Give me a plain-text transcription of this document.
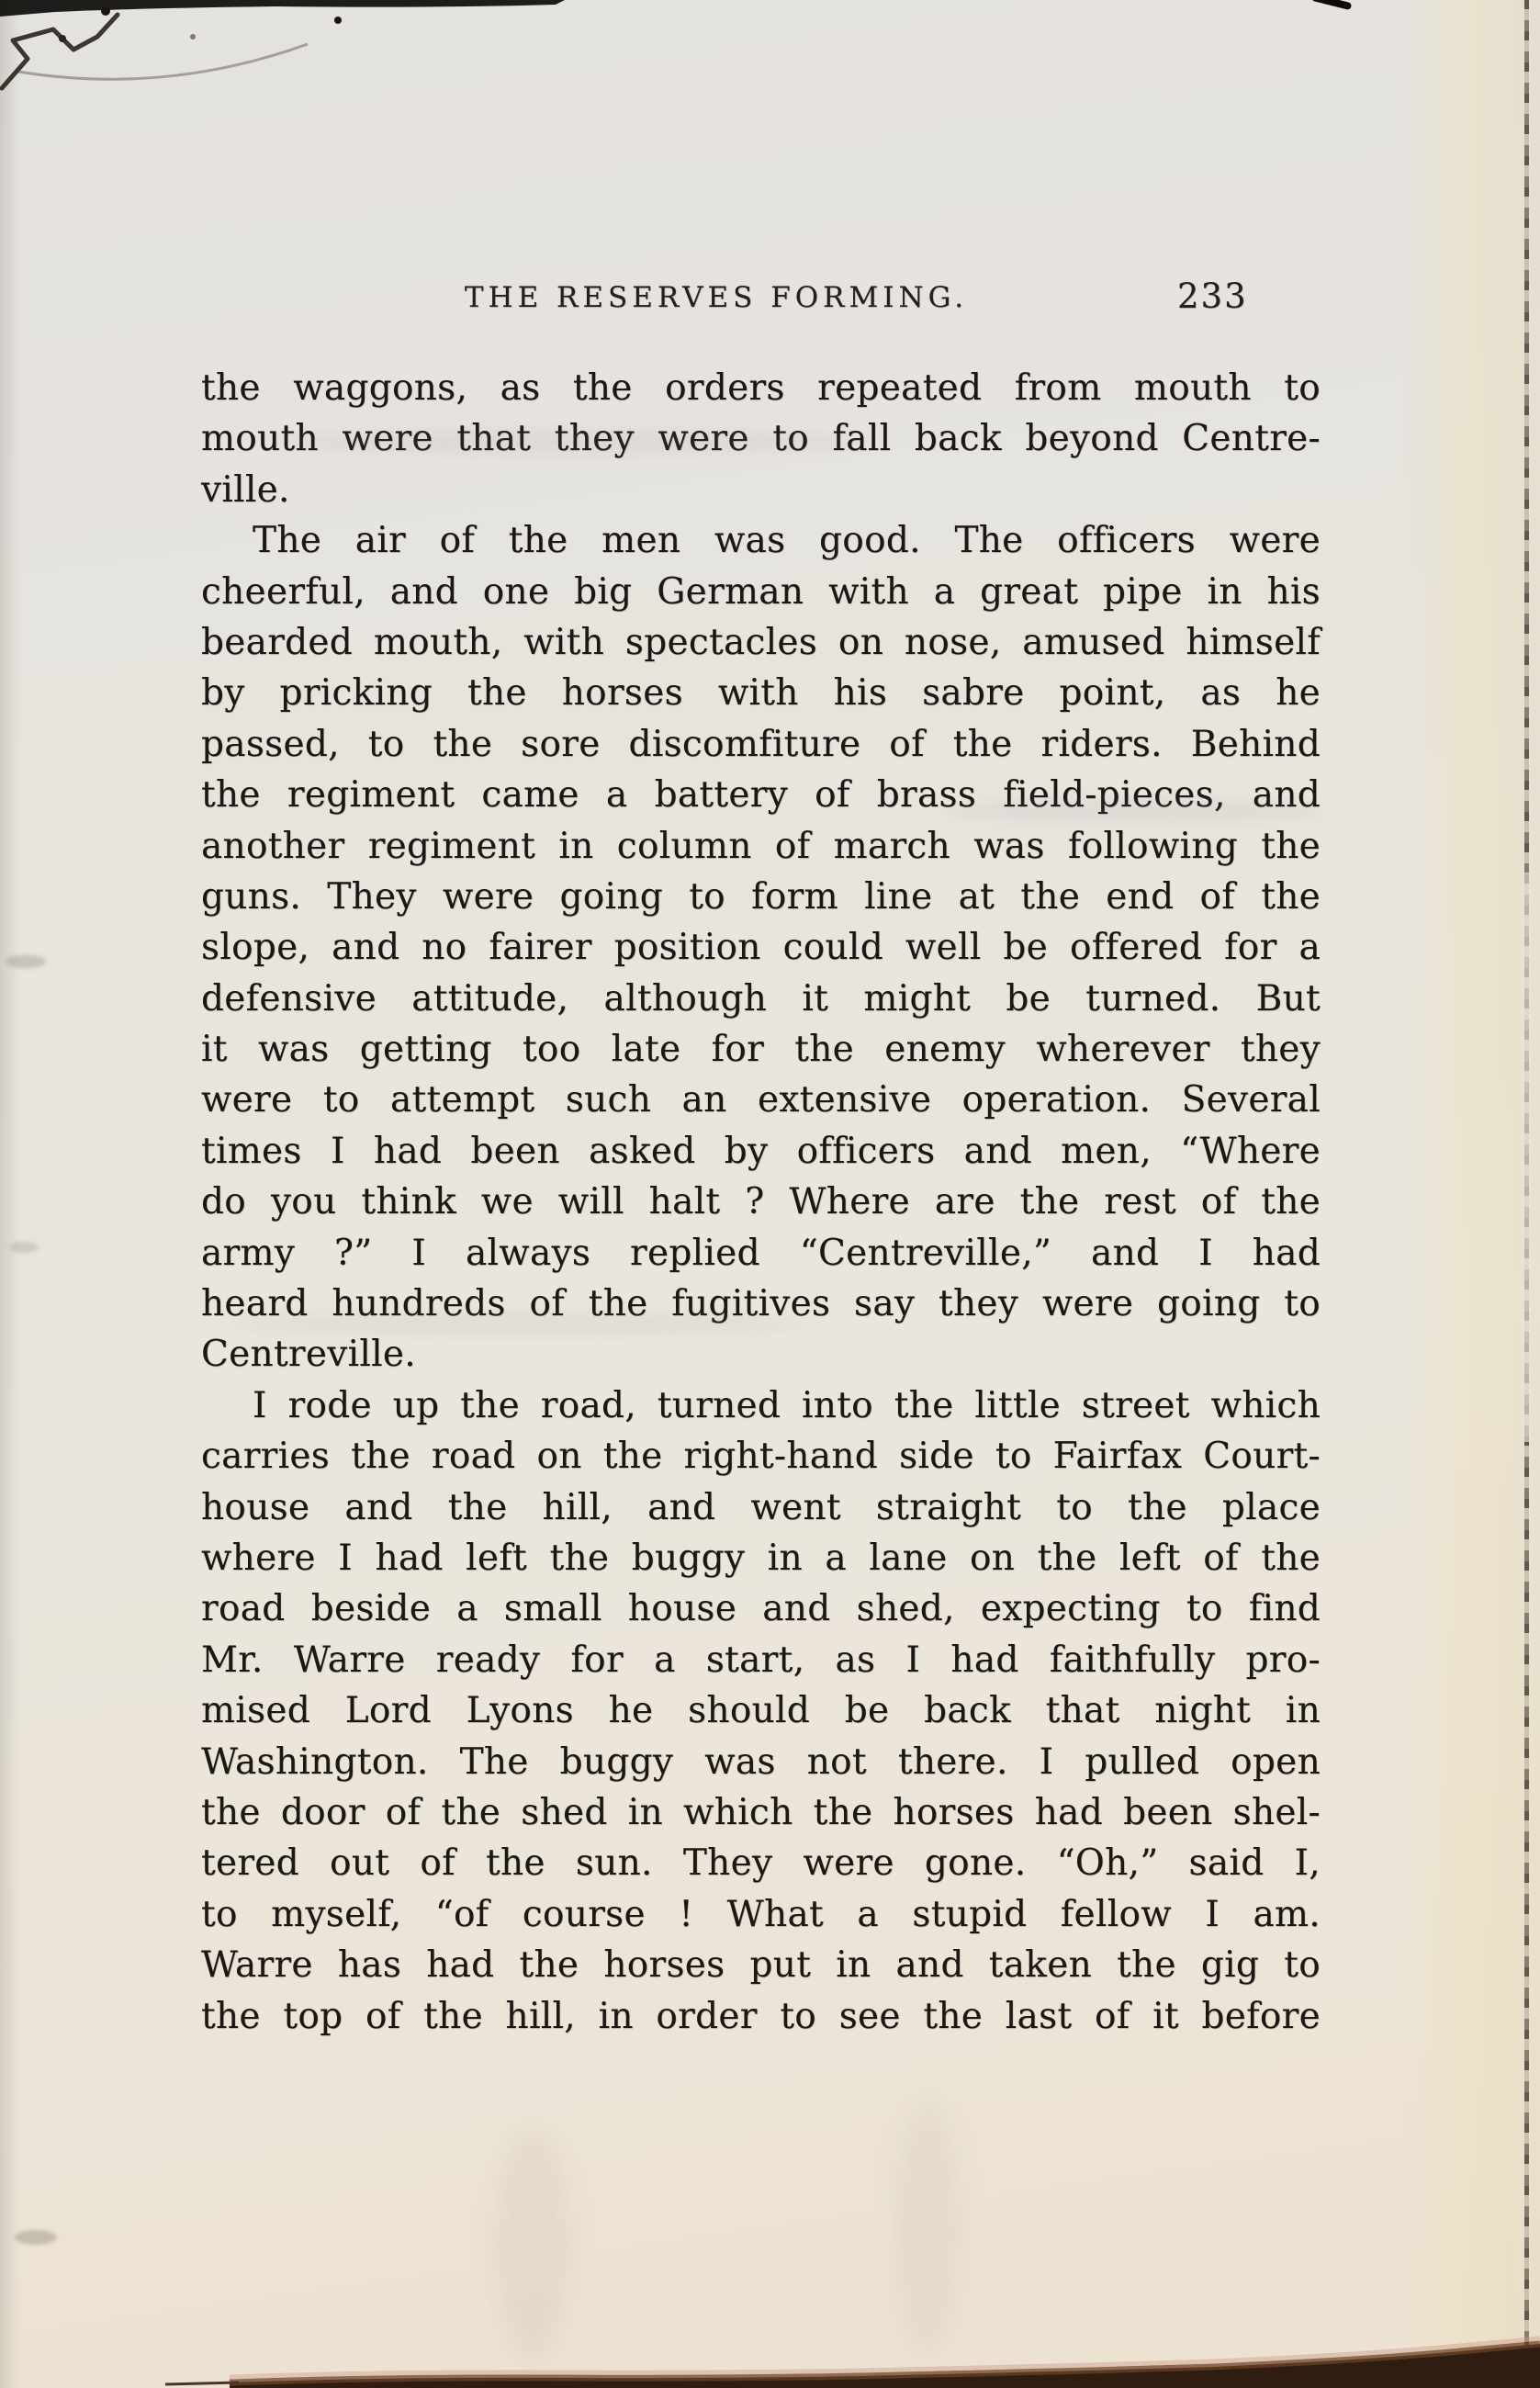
THE RESERVES FORMING.	233
the waggons, as the orders repeated from mouth to
mouth were that they were to fall back beyond Centre-
ville.
The air of the men was good. The officers were
cheerful, and one big German with a great pipe in his
bearded mouth, with spectacles on nose, amused himself
by pricking the horses with his sabre point, as he
passed, to the sore discomfiture of the riders. Behind
the regiment came a battery of brass field-pieces, and
another regiment in column of march was following the
guns. They were going to form line at the end of the
slope, and no fairer position could well be offered for a
defensive attitude, although it might be turned. But
it was getting too late for the enemy wherever they
were to attempt such an extensive operation. Several
times I had been asked by officers and men, “Where
do you think we will halt ? Where are the rest of the
army ?” I always replied “Centreville,” and I had
heard hundreds of the fugitives say they were going to
Centreville.
I rode up the road, turned into the little street which
carries the road on the right-hand side to Fairfax Court-
house and the hill, and went straight to the place
where I had left the buggy in a lane on the left of the
road beside a small house and shed, expecting to find
Mr. Warre ready for a start, as I had faithfully pro-
mised Lord Lyons he should be back that night in
Washington. The buggy was not there. I pulled open
the door of the shed in which the horses had been shel-
tered out of the sun. They were gone. “Oh,” said I,
to myself, “of course ! What a stupid fellow I am.
Warre has had the horses put in and taken the gig to
the top of the hill, in order to see the last of it before
